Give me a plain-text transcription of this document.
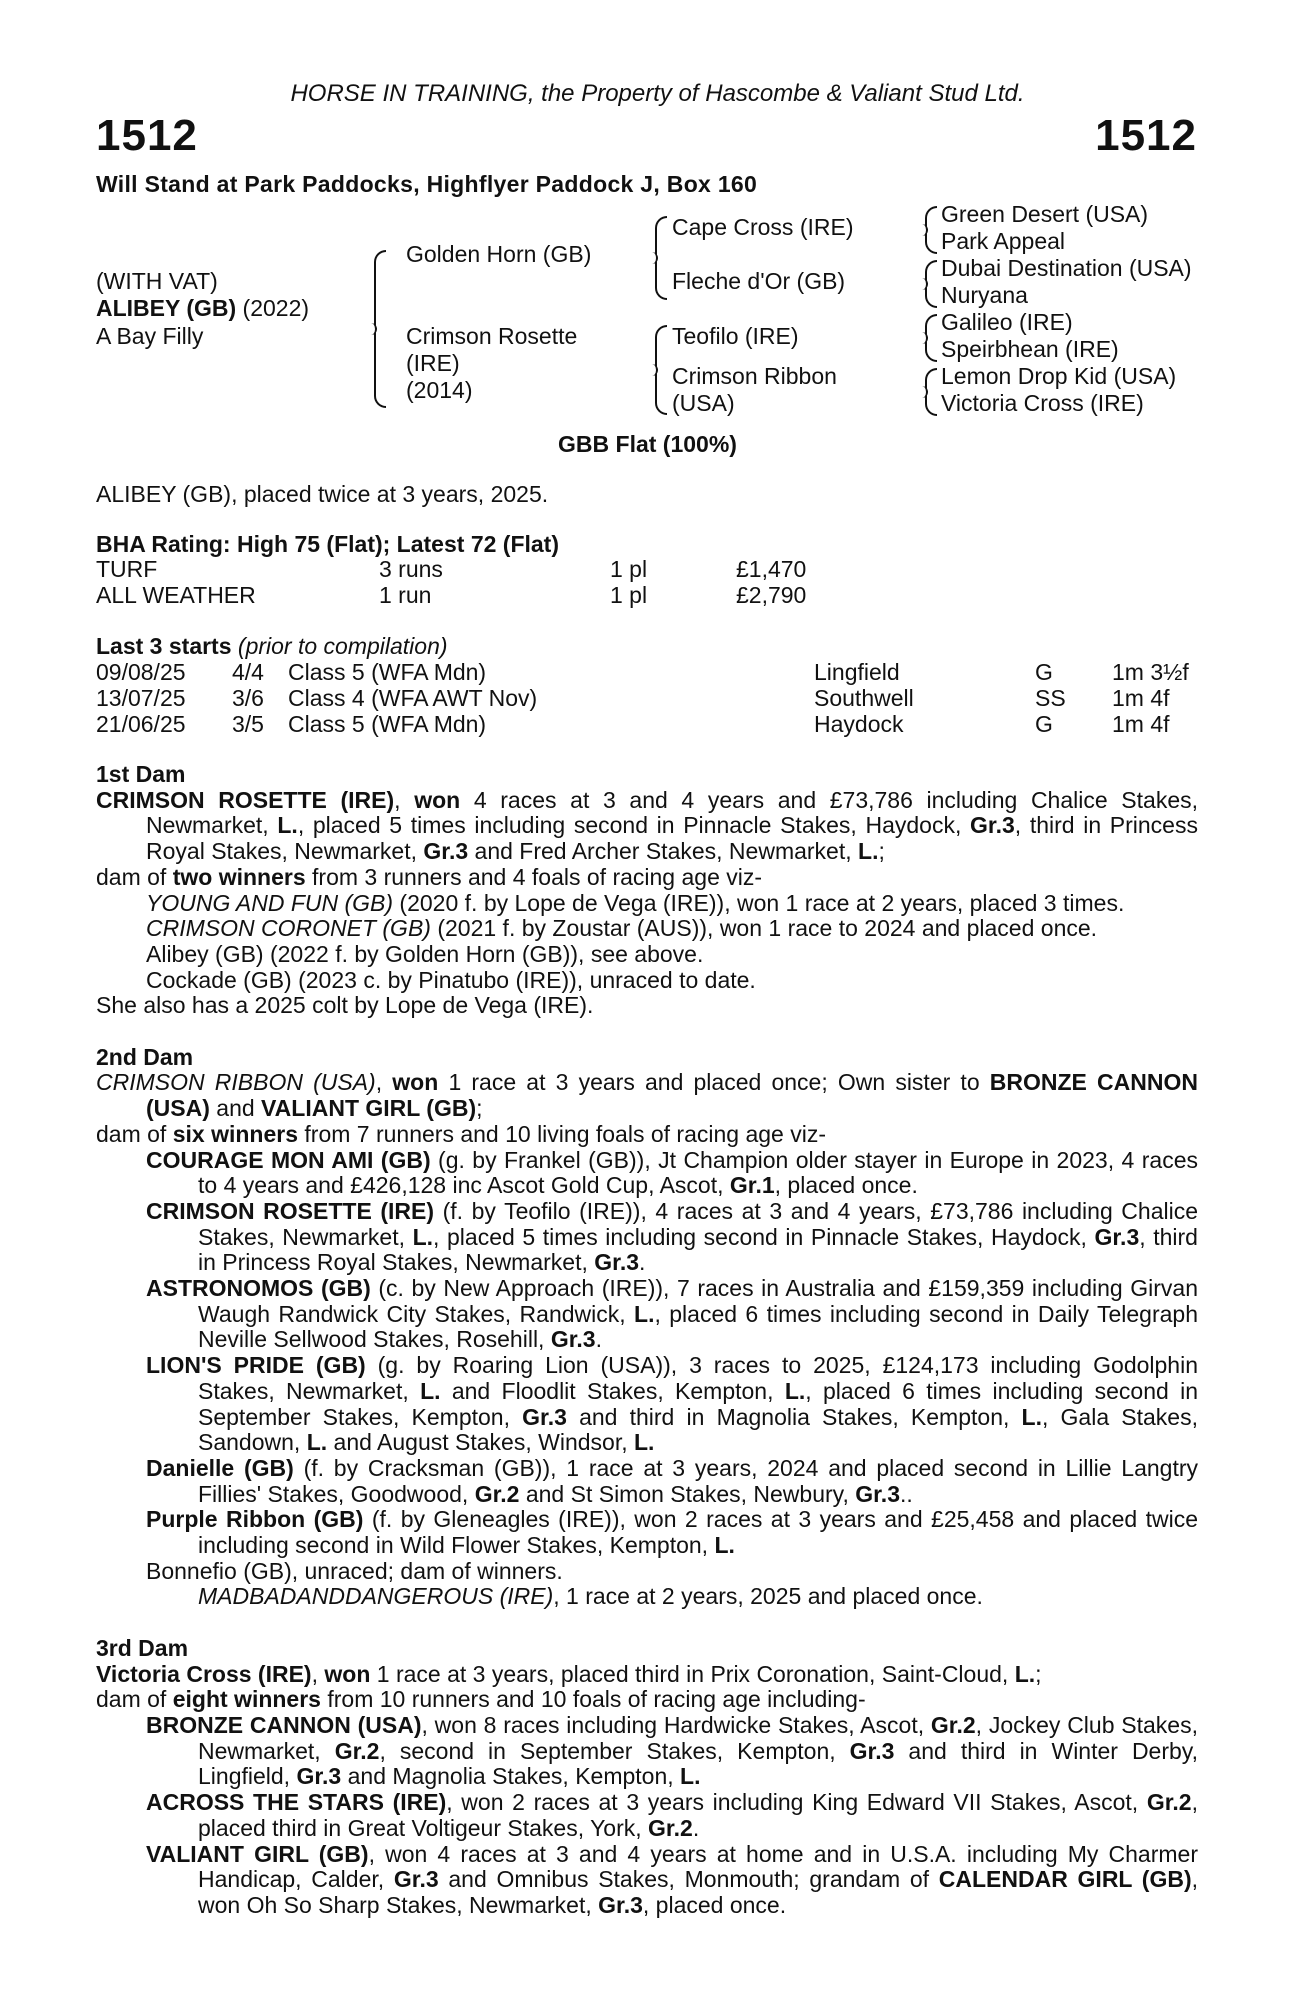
HORSE IN TRAINING, the Property of Hascombe & Valiant Stud Ltd.
1512	1512
Will Stand at Park Paddocks, Highflyer Paddock J, Box 160
(WITH VAT)
ALIBEY (GB) (2022)
A Bay Filly
Golden Horn (GB)
Crimson Rosette
(IRE)
(2014)
Cape Cross (IRE)
Fleche d'Or (GB)
Teofilo (IRE)
Crimson Ribbon
(USA)
Green Desert (USA)
Park Appeal
Dubai Destination (USA)
Nuryana
Galileo (IRE)
Speirbhean (IRE)
Lemon Drop Kid (USA)
Victoria Cross (IRE)
GBB Flat (100%)
ALIBEY (GB), placed twice at 3 years, 2025.
BHA Rating: High 75 (Flat); Latest 72 (Flat)
TURF	3 runs	1 pl	£1,470
ALL WEATHER	1 run	1 pl	£2,790
Last 3 starts (prior to compilation)
09/08/25 4/4 Class 5 (WFA Mdn)	Lingfield	G	1m 3½f
13/07/25 3/6 Class 4 (WFA AWT Nov)	Southwell	SS 1m 4f
21/06/25 3/5 Class 5 (WFA Mdn)	Haydock	G	1m 4f
1st Dam
CRIMSON ROSETTE (IRE), won 4 races at 3 and 4 years and £73,786 including Chalice Stakes, Newmarket, L., placed 5 times including second in Pinnacle Stakes, Haydock, Gr.3, third in Princess Royal Stakes, Newmarket, Gr.3 and Fred Archer Stakes, Newmarket, L.;
dam of two winners from 3 runners and 4 foals of racing age viz-
YOUNG AND FUN (GB) (2020 f. by Lope de Vega (IRE)), won 1 race at 2 years, placed 3 times.
CRIMSON CORONET (GB) (2021 f. by Zoustar (AUS)), won 1 race to 2024 and placed once.
Alibey (GB) (2022 f. by Golden Horn (GB)), see above.
Cockade (GB) (2023 c. by Pinatubo (IRE)), unraced to date.
She also has a 2025 colt by Lope de Vega (IRE).
2nd Dam
CRIMSON RIBBON (USA), won 1 race at 3 years and placed once; Own sister to BRONZE CANNON (USA) and VALIANT GIRL (GB);
dam of six winners from 7 runners and 10 living foals of racing age viz-
COURAGE MON AMI (GB) (g. by Frankel (GB)), Jt Champion older stayer in Europe in 2023, 4 races to 4 years and £426,128 inc Ascot Gold Cup, Ascot, Gr.1, placed once.
CRIMSON ROSETTE (IRE) (f. by Teofilo (IRE)), 4 races at 3 and 4 years, £73,786 including Chalice Stakes, Newmarket, L., placed 5 times including second in Pinnacle Stakes, Haydock, Gr.3, third in Princess Royal Stakes, Newmarket, Gr.3.
ASTRONOMOS (GB) (c. by New Approach (IRE)), 7 races in Australia and £159,359 including Girvan Waugh Randwick City Stakes, Randwick, L., placed 6 times including second in Daily Telegraph Neville Sellwood Stakes, Rosehill, Gr.3.
LION'S PRIDE (GB) (g. by Roaring Lion (USA)), 3 races to 2025, £124,173 including Godolphin Stakes, Newmarket, L. and Floodlit Stakes, Kempton, L., placed 6 times including second in September Stakes, Kempton, Gr.3 and third in Magnolia Stakes, Kempton, L., Gala Stakes, Sandown, L. and August Stakes, Windsor, L.
Danielle (GB) (f. by Cracksman (GB)), 1 race at 3 years, 2024 and placed second in Lillie Langtry Fillies' Stakes, Goodwood, Gr.2 and St Simon Stakes, Newbury, Gr.3..
Purple Ribbon (GB) (f. by Gleneagles (IRE)), won 2 races at 3 years and £25,458 and placed twice including second in Wild Flower Stakes, Kempton, L.
Bonnefio (GB), unraced; dam of winners.
MADBADANDDANGEROUS (IRE), 1 race at 2 years, 2025 and placed once.
3rd Dam
Victoria Cross (IRE), won 1 race at 3 years, placed third in Prix Coronation, Saint-Cloud, L.;
dam of eight winners from 10 runners and 10 foals of racing age including-
BRONZE CANNON (USA), won 8 races including Hardwicke Stakes, Ascot, Gr.2, Jockey Club Stakes, Newmarket, Gr.2, second in September Stakes, Kempton, Gr.3 and third in Winter Derby, Lingfield, Gr.3 and Magnolia Stakes, Kempton, L.
ACROSS THE STARS (IRE), won 2 races at 3 years including King Edward VII Stakes, Ascot, Gr.2, placed third in Great Voltigeur Stakes, York, Gr.2.
VALIANT GIRL (GB), won 4 races at 3 and 4 years at home and in U.S.A. including My Charmer Handicap, Calder, Gr.3 and Omnibus Stakes, Monmouth; grandam of CALENDAR GIRL (GB), won Oh So Sharp Stakes, Newmarket, Gr.3, placed once.
